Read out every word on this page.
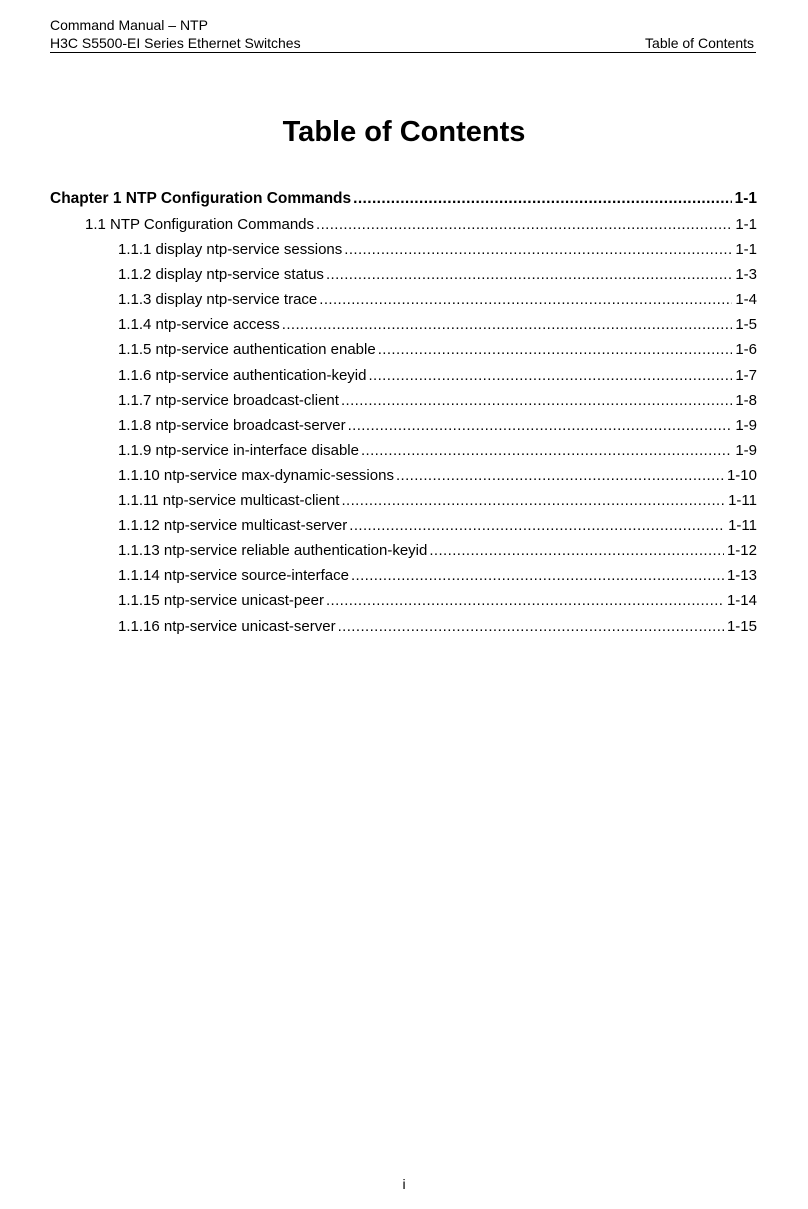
Command Manual – NTP
H3C S5500-EI Series Ethernet Switches	Table of Contents
Table of Contents
Chapter 1 NTP Configuration Commands .....	1-1
1.1 NTP Configuration Commands .....	1-1
1.1.1 display ntp-service sessions .....	1-1
1.1.2 display ntp-service status .....	1-3
1.1.3 display ntp-service trace .....	1-4
1.1.4 ntp-service access .....	1-5
1.1.5 ntp-service authentication enable .....	1-6
1.1.6 ntp-service authentication-keyid .....	1-7
1.1.7 ntp-service broadcast-client .....	1-8
1.1.8 ntp-service broadcast-server .....	1-9
1.1.9 ntp-service in-interface disable .....	1-9
1.1.10 ntp-service max-dynamic-sessions .....	1-10
1.1.11 ntp-service multicast-client .....	1-11
1.1.12 ntp-service multicast-server .....	1-11
1.1.13 ntp-service reliable authentication-keyid .....	1-12
1.1.14 ntp-service source-interface .....	1-13
1.1.15 ntp-service unicast-peer .....	1-14
1.1.16 ntp-service unicast-server .....	1-15
i
